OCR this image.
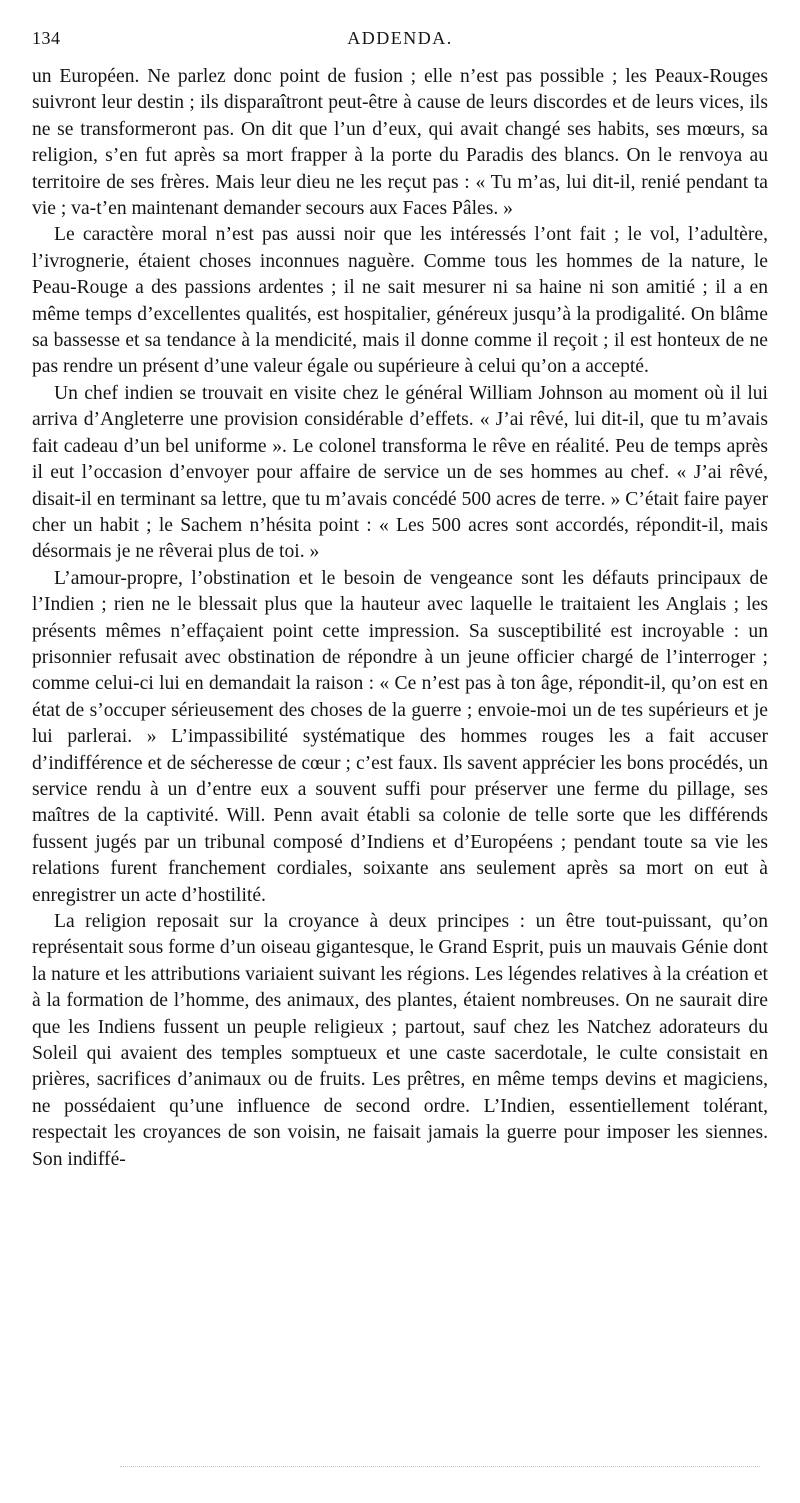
134	ADDENDA.

un Européen. Ne parlez donc point de fusion ; elle n’est pas possible ; les Peaux-Rouges suivront leur destin ; ils disparaîtront peut-être à cause de leurs discordes et de leurs vices, ils ne se transformeront pas. On dit que l’un d’eux, qui avait changé ses habits, ses mœurs, sa religion, s’en fut après sa mort frapper à la porte du Paradis des blancs. On le renvoya au territoire de ses frères. Mais leur dieu ne les reçut pas : « Tu m’as, lui dit-il, renié pendant ta vie ; va-t’en maintenant demander secours aux Faces Pâles. »

Le caractère moral n’est pas aussi noir que les intéressés l’ont fait ; le vol, l’adultère, l’ivrognerie, étaient choses inconnues naguère. Comme tous les hommes de la nature, le Peau-Rouge a des passions ardentes ; il ne sait mesurer ni sa haine ni son amitié ; il a en même temps d’excellentes qualités, est hospitalier, généreux jusqu’à la prodigalité. On blâme sa bassesse et sa tendance à la mendicité, mais il donne comme il reçoit ; il est honteux de ne pas rendre un présent d’une valeur égale ou supérieure à celui qu’on a accepté.

Un chef indien se trouvait en visite chez le général William Johnson au moment où il lui arriva d’Angleterre une provision considérable d’effets. « J’ai rêvé, lui dit-il, que tu m’avais fait cadeau d’un bel uniforme ». Le colonel transforma le rêve en réalité. Peu de temps après il eut l’occasion d’envoyer pour affaire de service un de ses hommes au chef. « J’ai rêvé, disait-il en terminant sa lettre, que tu m’avais concédé 500 acres de terre. » C’était faire payer cher un habit ; le Sachem n’hésita point : « Les 500 acres sont accordés, répondit-il, mais désormais je ne rêverai plus de toi. »

L’amour-propre, l’obstination et le besoin de vengeance sont les défauts principaux de l’Indien ; rien ne le blessait plus que la hauteur avec laquelle le traitaient les Anglais ; les présents mêmes n’effaçaient point cette impression. Sa susceptibilité est incroyable : un prisonnier refusait avec obstination de répondre à un jeune officier chargé de l’interroger ; comme celui-ci lui en demandait la raison : « Ce n’est pas à ton âge, répondit-il, qu’on est en état de s’occuper sérieusement des choses de la guerre ; envoie-moi un de tes supérieurs et je lui parlerai. » L’impassibilité systématique des hommes rouges les a fait accuser d’indifférence et de sécheresse de cœur ; c’est faux. Ils savent apprécier les bons procédés, un service rendu à un d’entre eux a souvent suffi pour préserver une ferme du pillage, ses maîtres de la captivité. Will. Penn avait établi sa colonie de telle sorte que les différends fussent jugés par un tribunal composé d’Indiens et d’Européens ; pendant toute sa vie les relations furent franchement cordiales, soixante ans seulement après sa mort on eut à enregistrer un acte d’hostilité.

La religion reposait sur la croyance à deux principes : un être tout-puissant, qu’on représentait sous forme d’un oiseau gigantesque, le Grand Esprit, puis un mauvais Génie dont la nature et les attributions variaient suivant les régions. Les légendes relatives à la création et à la formation de l’homme, des animaux, des plantes, étaient nombreuses. On ne saurait dire que les Indiens fussent un peuple religieux ; partout, sauf chez les Natchez adorateurs du Soleil qui avaient des temples somptueux et une caste sacerdotale, le culte consistait en prières, sacrifices d’animaux ou de fruits. Les prêtres, en même temps devins et magiciens, ne possédaient qu’une influence de second ordre. L’Indien, essentiellement tolérant, respectait les croyances de son voisin, ne faisait jamais la guerre pour imposer les siennes. Son indiffé-
